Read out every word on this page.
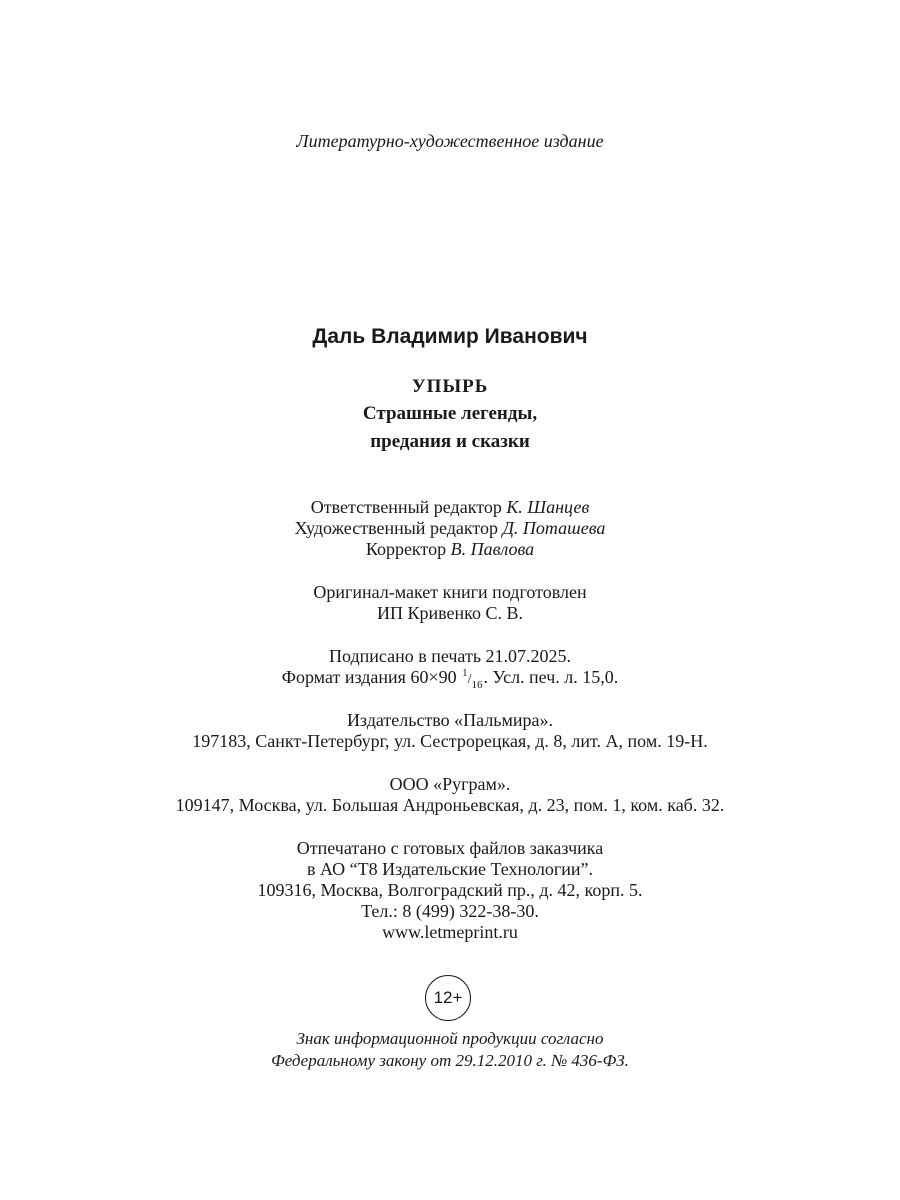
Литературно-художественное издание
Даль Владимир Иванович
УПЫРЬ
Страшные легенды,
предания и сказки
Ответственный редактор К. Шанцев
Художественный редактор Д. Поташева
Корректор В. Павлова
Оригинал-макет книги подготовлен
ИП Кривенко С. В.
Подписано в печать 21.07.2025.
Формат издания 60×90 1/16. Усл. печ. л. 15,0.
Издательство «Пальмира».
197183, Санкт-Петербург, ул. Сестрорецкая, д. 8, лит. А, пом. 19-Н.
ООО «Руграм».
109147, Москва, ул. Большая Андроньевская, д. 23, пом. 1, ком. каб. 32.
Отпечатано с готовых файлов заказчика
в АО “Т8 Издательские Технологии”.
109316, Москва, Волгоградский пр., д. 42, корп. 5.
Тел.: 8 (499) 322-38-30.
www.letmeprint.ru
12+
Знак информационной продукции согласно
Федеральному закону от 29.12.2010 г. № 436-ФЗ.
